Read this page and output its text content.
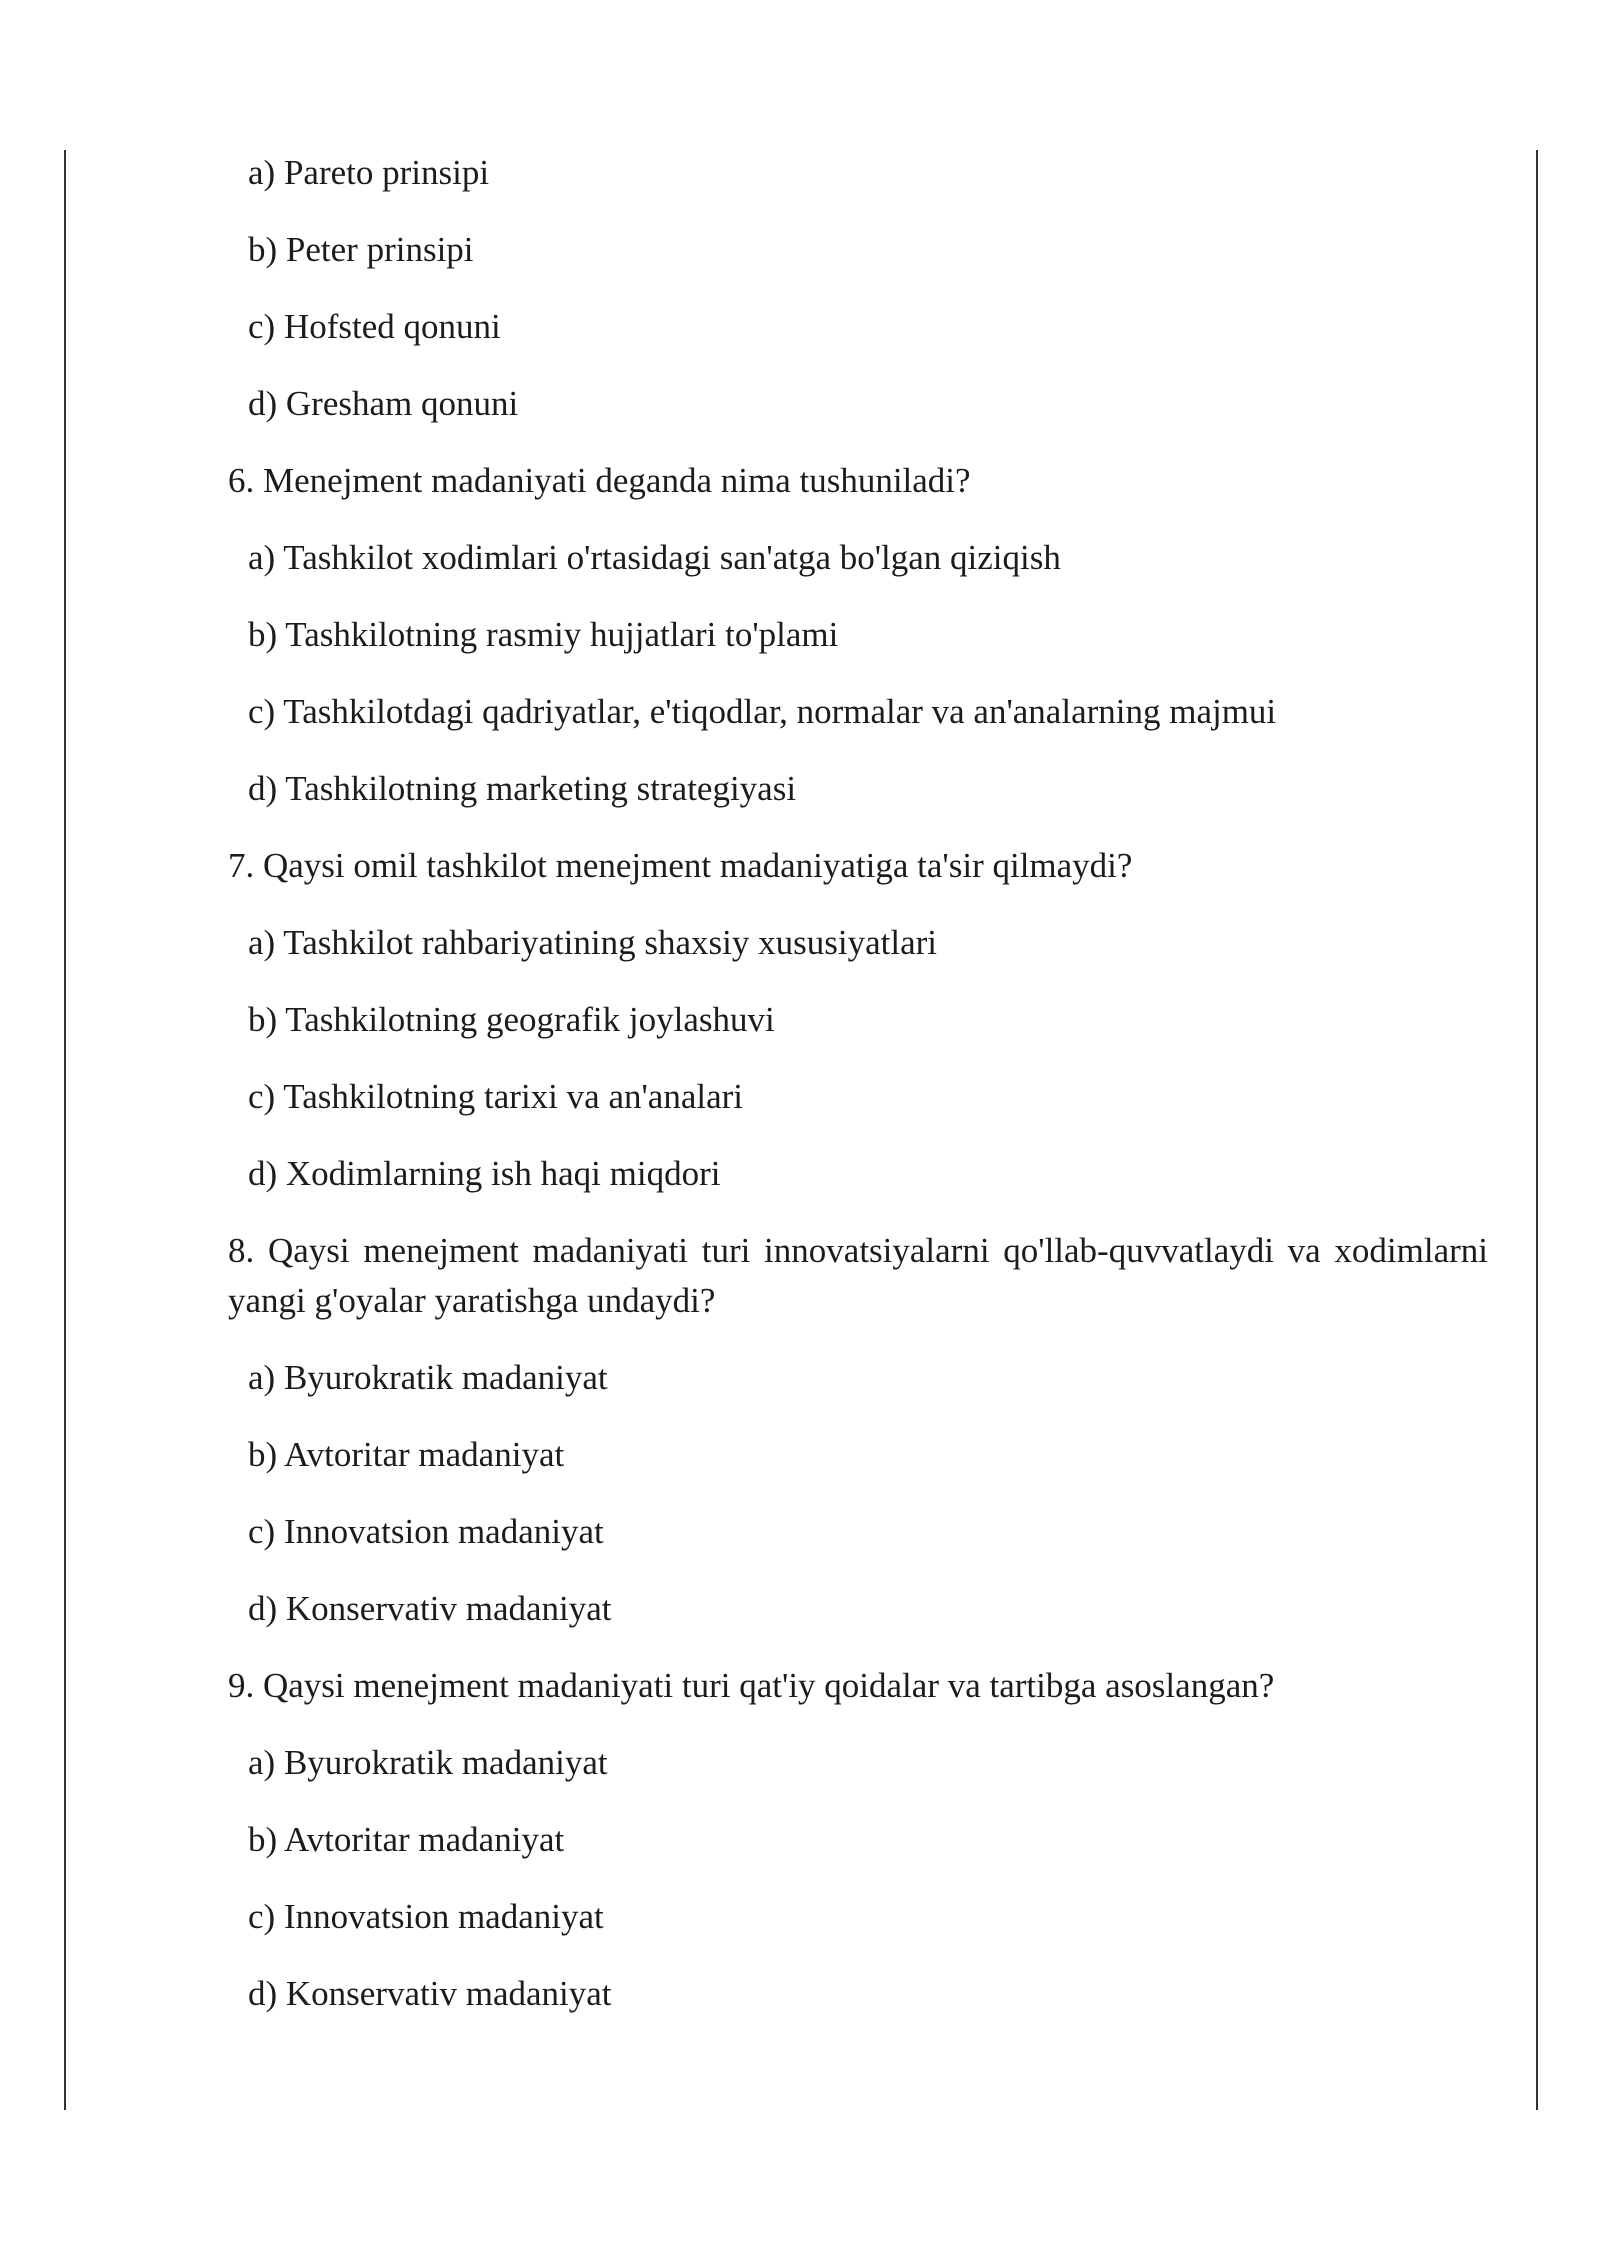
a) Pareto prinsipi
b) Peter prinsipi
c) Hofsted qonuni
d) Gresham qonuni
6. Menejment madaniyati deganda nima tushuniladi?
a) Tashkilot xodimlari o'rtasidagi san'atga bo'lgan qiziqish
b) Tashkilotning rasmiy hujjatlari to'plami
c) Tashkilotdagi qadriyatlar, e'tiqodlar, normalar va an'analarning majmui
d) Tashkilotning marketing strategiyasi
7. Qaysi omil tashkilot menejment madaniyatiga ta'sir qilmaydi?
a) Tashkilot rahbariyatining shaxsiy xususiyatlari
b) Tashkilotning geografik joylashuvi
c) Tashkilotning tarixi va an'analari
d) Xodimlarning ish haqi miqdori
8. Qaysi menejment madaniyati turi innovatsiyalarni qo'llab-quvvatlaydi va xodimlarni yangi g'oyalar yaratishga undaydi?
a) Byurokratik madaniyat
b) Avtoritar madaniyat
c) Innovatsion madaniyat
d) Konservativ madaniyat
9. Qaysi menejment madaniyati turi qat'iy qoidalar va tartibga asoslangan?
a) Byurokratik madaniyat
b) Avtoritar madaniyat
c) Innovatsion madaniyat
d) Konservativ madaniyat
